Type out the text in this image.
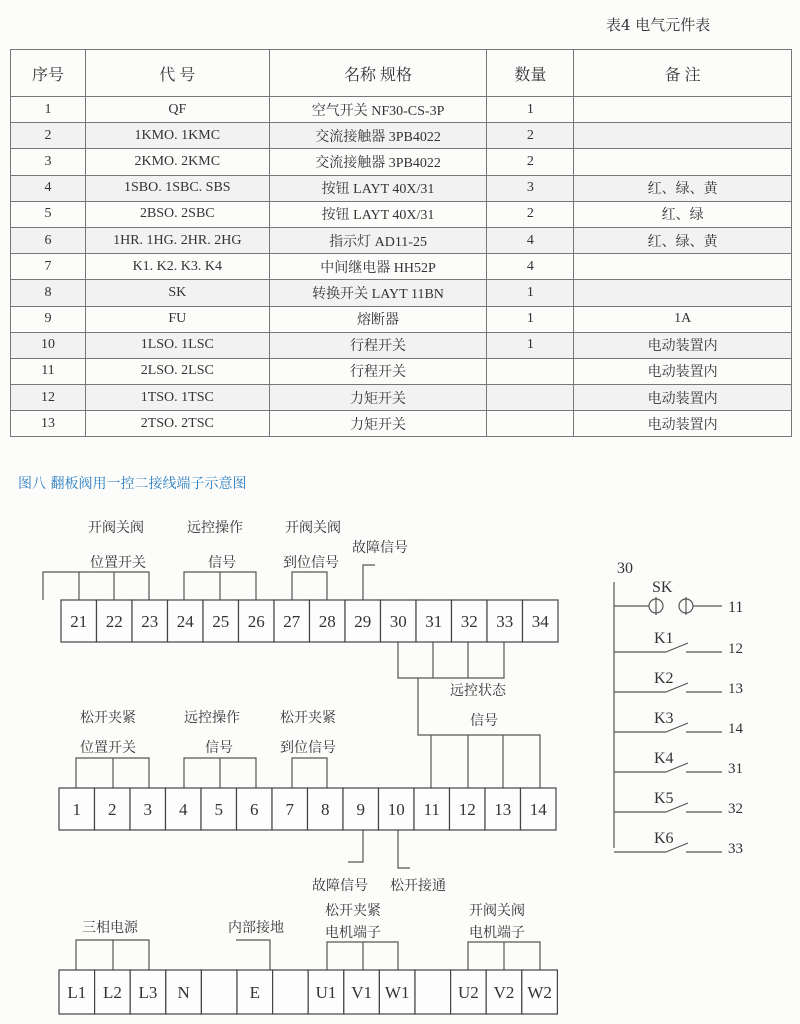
表4 电气元件表
序号	代 号	名称 规格	数量	备 注
1	QF	空气开关 NF30-CS-3P	1	
2	1KMO. 1KMC	交流接触器 3PB4022	2	
3	2KMO. 2KMC	交流接触器 3PB4022	2	
4	1SBO. 1SBC. SBS	按钮 LAYT 40X/31	3	红、绿、黄
5	2BSO. 2SBC	按钮 LAYT 40X/31	2	红、绿
6	1HR. 1HG. 2HR. 2HG	指示灯 AD11-25	4	红、绿、黄
7	K1. K2. K3. K4	中间继电器 HH52P	4	
8	SK	转换开关 LAYT 11BN	1	
9	FU	熔断器	1	1A
10	1LSO. 1LSC	行程开关	1	电动装置内
11	2LSO. 2LSC	行程开关		电动装置内
12	1TSO. 1TSC	力矩开关		电动装置内
13	2TSO. 2TSC	力矩开关		电动装置内
图八 翻板阀用一控二接线端子示意图
21 22 23 24 25 26 27 28 29 30 31 32 33 34
1 2 3 4 5 6 7 8 9 10 11 12 13 14
L1 L2 L3 N	E	U1 V1 W1	U2 V2 W2
开阀关阀
位置开关
远控操作
信号
开阀关阀
到位信号
故障信号
远控状态
信号
松开夹紧
位置开关
远控操作
信号
松开夹紧
到位信号
故障信号 松开接通
三相电源	内部接地
松开夹紧
电机端子
开阀关阀
电机端子
30
SK
11
K1
12
K2
13
K3
14
K4
31
K5
32
K6
33
